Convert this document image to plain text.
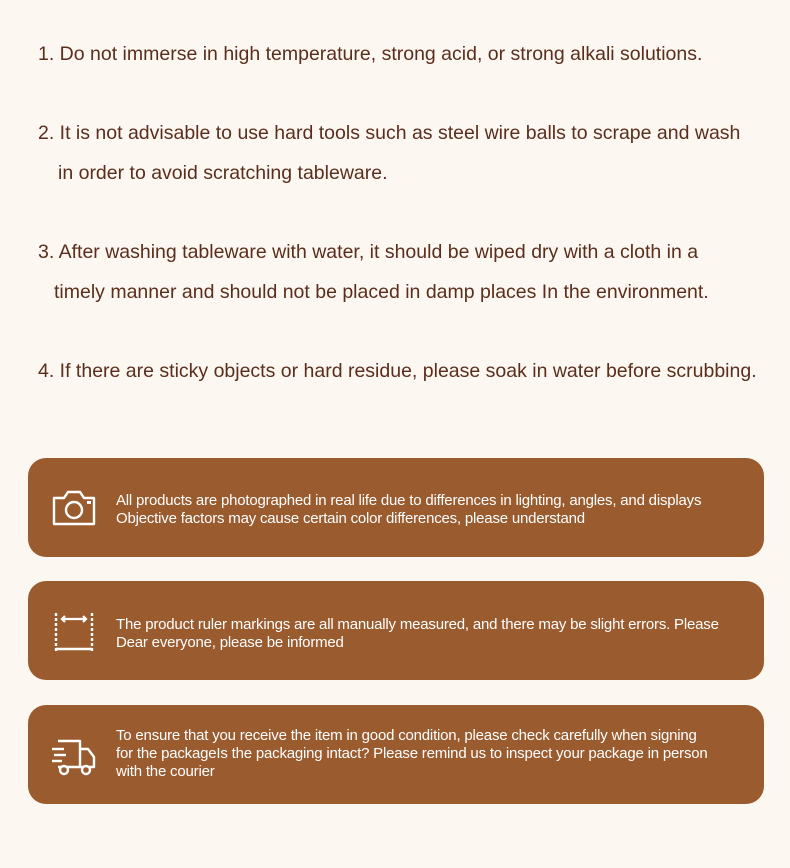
1. Do not immerse in high temperature, strong acid, or strong alkali solutions.
2. It is not advisable to use hard tools such as steel wire balls to scrape and wash
in order to avoid scratching tableware.
3. After washing tableware with water, it should be wiped dry with a cloth in a
timely manner and should not be placed in damp places In the environment.
4. If there are sticky objects or hard residue, please soak in water before scrubbing.
All products are photographed in real life due to differences in lighting, angles, and displays
Objective factors may cause certain color differences, please understand
The product ruler markings are all manually measured, and there may be slight errors. Please
Dear everyone, please be informed
To ensure that you receive the item in good condition, please check carefully when signing
for the packageIs the packaging intact? Please remind us to inspect your package in person
with the courier
